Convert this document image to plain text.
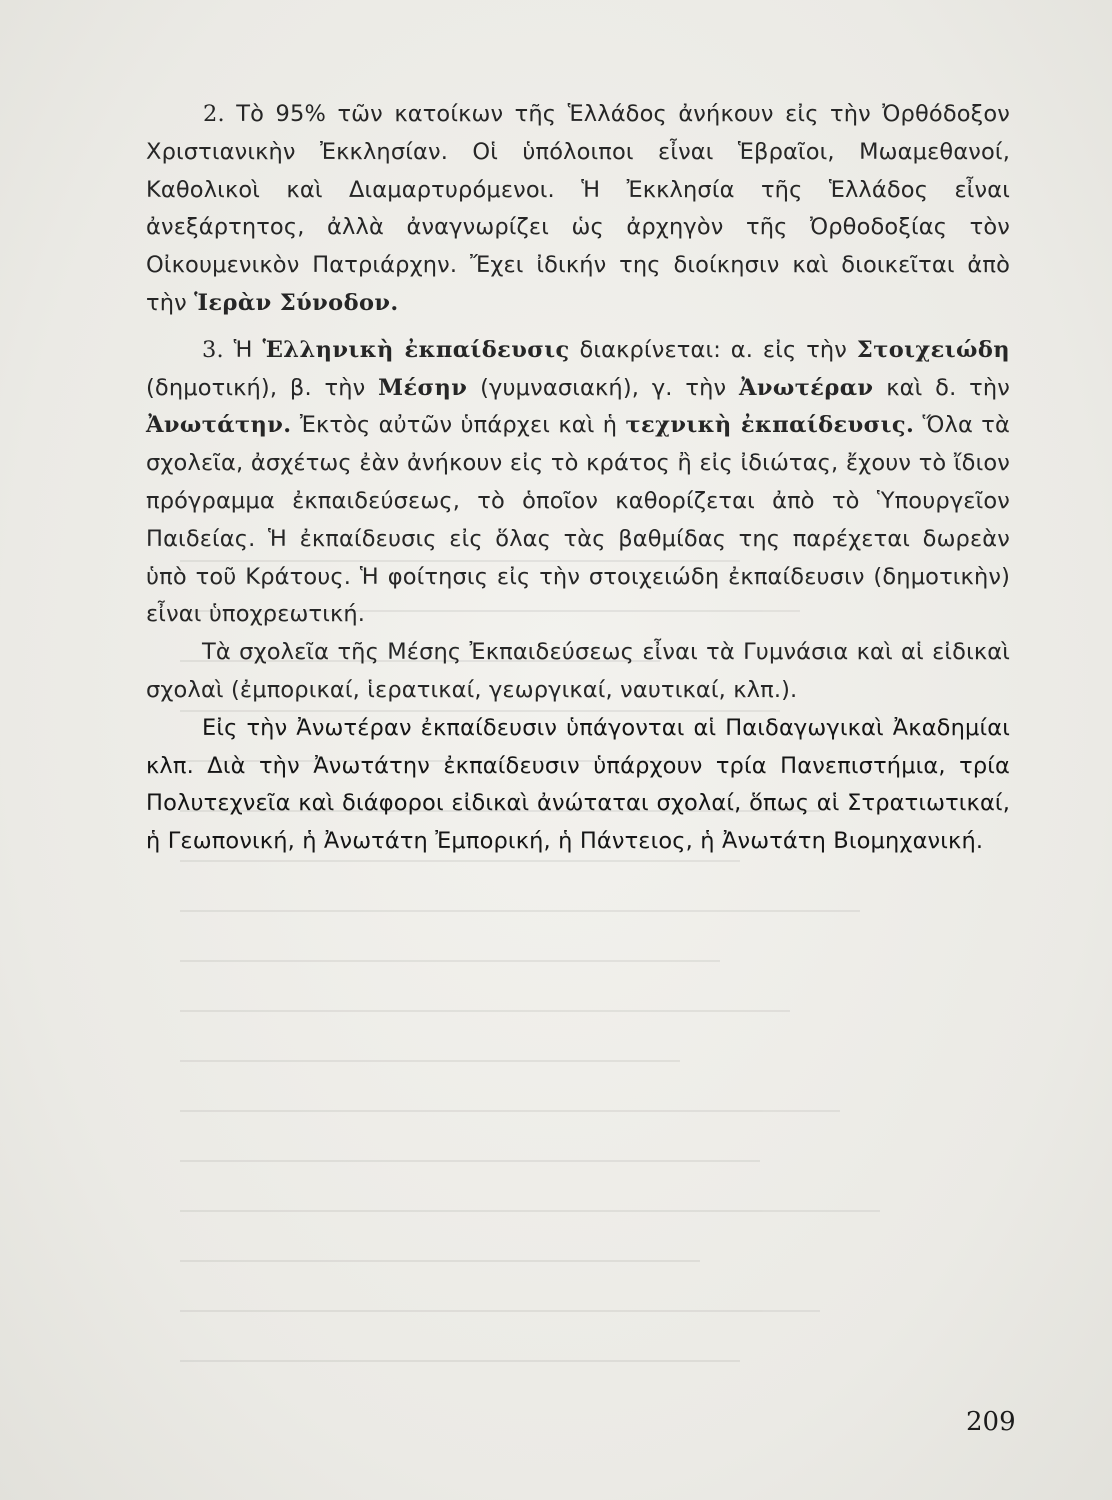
2. Τὸ 95% τῶν κατοίκων τῆς Ἑλλάδος ἀνήκουν εἰς τὴν Ὀρθόδοξον Χριστιανικὴν Ἐκκλησίαν. Οἱ ὑπόλοιποι εἶναι Ἑβραῖοι, Μωαμεθανοί, Καθολικοὶ καὶ Διαμαρτυρόμενοι. Ἡ Ἐκκλησία τῆς Ἑλλάδος εἶναι ἀνεξάρτητος, ἀλλὰ ἀναγνωρίζει ὡς ἀρχηγὸν τῆς Ὀρθοδοξίας τὸν Οἰκουμενικὸν Πατριάρχην. Ἔχει ἰδικήν της διοίκησιν καὶ διοικεῖται ἀπὸ τὴν Ἱερὰν Σύνοδον.

3. Ἡ Ἑλληνικὴ ἐκπαίδευσις διακρίνεται: α. εἰς τὴν Στοιχειώδη (δημοτική), β. τὴν Μέσην (γυμνασιακή), γ. τὴν Ἀνωτέραν καὶ δ. τὴν Ἀνωτάτην. Ἐκτὸς αὐτῶν ὑπάρχει καὶ ἡ τεχνικὴ ἐκπαίδευσις. Ὅλα τὰ σχολεῖα, ἀσχέτως ἐὰν ἀνήκουν εἰς τὸ κράτος ἢ εἰς ἰδιώτας, ἔχουν τὸ ἴδιον πρόγραμμα ἐκπαιδεύσεως, τὸ ὁποῖον καθορίζεται ἀπὸ τὸ Ὑπουργεῖον Παιδείας. Ἡ ἐκπαίδευσις εἰς ὅλας τὰς βαθμίδας της παρέχεται δωρεὰν ὑπὸ τοῦ Κράτους. Ἡ φοίτησις εἰς τὴν στοιχειώδη ἐκπαίδευσιν (δημοτικὴν) εἶναι ὑποχρεωτική.

Τὰ σχολεῖα τῆς Μέσης Ἐκπαιδεύσεως εἶναι τὰ Γυμνάσια καὶ αἱ εἰδικαὶ σχολαὶ (ἐμπορικαί, ἱερατικαί, γεωργικαί, ναυτικαί, κλπ.).

Εἰς τὴν Ἀνωτέραν ἐκπαίδευσιν ὑπάγονται αἱ Παιδαγωγικαὶ Ἀκαδημίαι κλπ. Διὰ τὴν Ἀνωτάτην ἐκπαίδευσιν ὑπάρχουν τρία Πανεπιστήμια, τρία Πολυτεχνεῖα καὶ διάφοροι εἰδικαὶ ἀνώταται σχολαί, ὅπως αἱ Στρατιωτικαί, ἡ Γεωπονική, ἡ Ἀνωτάτη Ἐμπορική, ἡ Πάντειος, ἡ Ἀνωτάτη Βιομηχανική.

209
